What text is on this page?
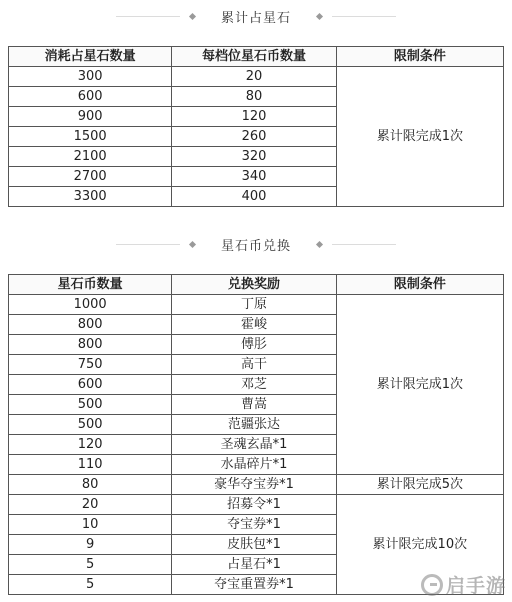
累计占星石
消耗占星石数量	每档位星石币数量	限制条件
300	20	累计限完成1次
600	80	
900	120	
1500	260	
2100	320	
2700	340	
3300	400	
星石币兑换
星石币数量	兑换奖励	限制条件
1000	丁原	累计限完成1次
800	霍峻	
800	傅肜	
750	高干	
600	邓芝	
500	曹嵩	
500	范疆张达	
120	圣魂玄晶*1	
110	水晶碎片*1	
80	豪华夺宝券*1	累计限完成5次
20	招募令*1	累计限完成10次
10	夺宝券*1	
9	皮肤包*1	
5	占星石*1	
5	夺宝重置券*1		启手游
